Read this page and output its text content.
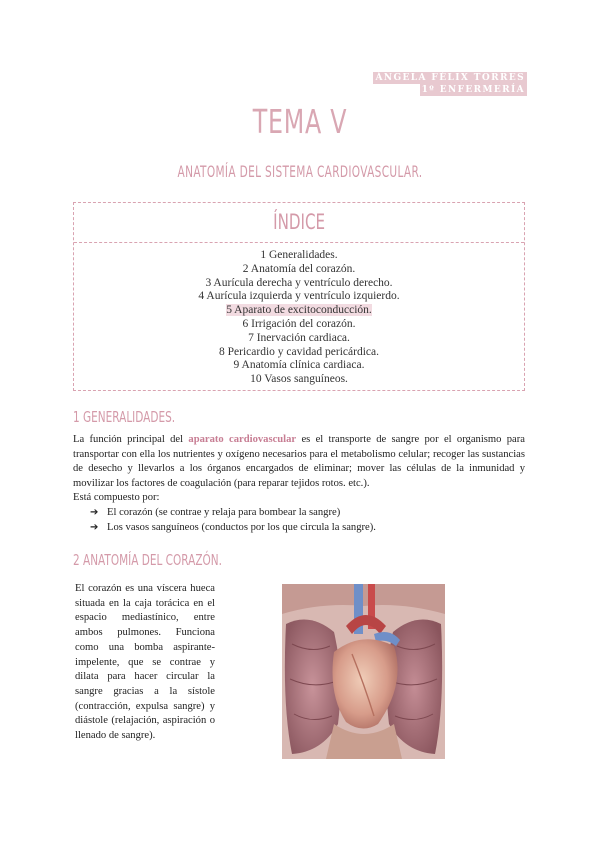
ÁNGELA FÉLIX TORRES
1º ENFERMERÍA
TEMA V
ANATOMÍA DEL SISTEMA CARDIOVASCULAR.
ÍNDICE
1 Generalidades.
2 Anatomía del corazón.
3 Aurícula derecha y ventrículo derecho.
4 Aurícula izquierda y ventrículo izquierdo.
5 Aparato de excitoconducción.
6 Irrigación del corazón.
7 Inervación cardiaca.
8 Pericardio y cavidad pericárdica.
9 Anatomía clínica cardiaca.
10 Vasos sanguíneos.
1 GENERALIDADES.
La función principal del aparato cardiovascular es el transporte de sangre por el organismo para transportar con ella los nutrientes y oxígeno necesarios para el metabolismo celular; recoger las sustancias de desecho y llevarlos a los órganos encargados de eliminar; mover las células de la inmunidad y movilizar los factores de coagulación (para reparar tejidos rotos. etc.).
Está compuesto por:
➔ El corazón (se contrae y relaja para bombear la sangre)
➔ Los vasos sanguíneos (conductos por los que circula la sangre).
2 ANATOMÍA DEL CORAZÓN.
El corazón es una víscera hueca situada en la caja torácica en el espacio mediastínico, entre ambos pulmones. Funciona como una bomba aspirante-impelente, que se contrae y dilata para hacer circular la sangre gracias a la sístole (contracción, expulsa sangre) y diástole (relajación, aspiración o llenado de sangre).
